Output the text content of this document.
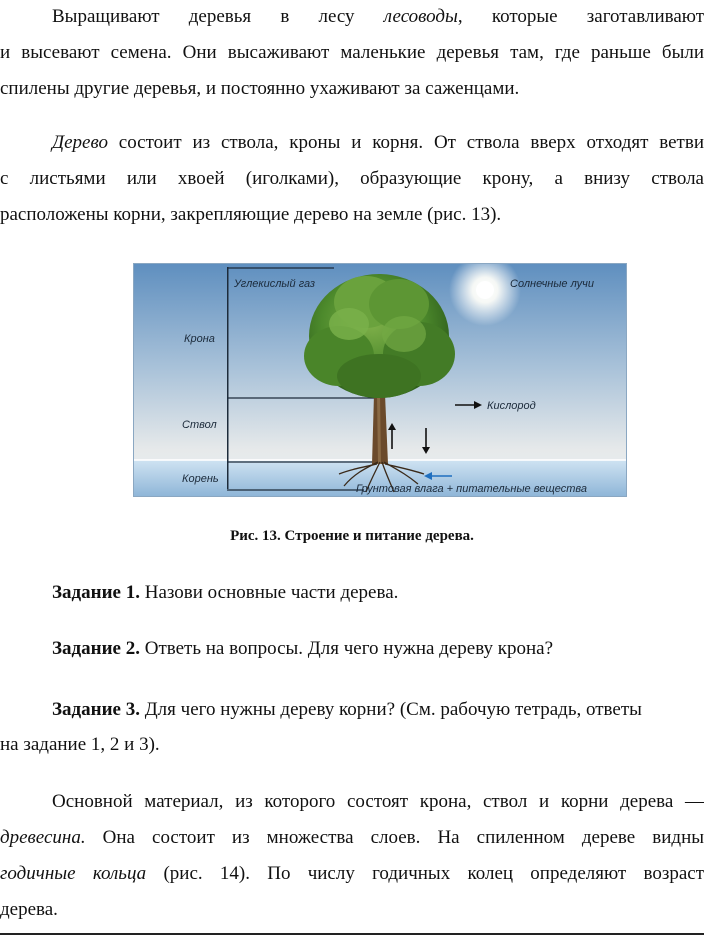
Выращивают деревья в лесу лесоводы, которые заготавливают
и высевают семена. Они высаживают маленькие деревья там, где раньше были
спилены другие деревья, и постоянно ухаживают за саженцами.
Дерево состоит из ствола, кроны и корня. От ствола вверх отходят ветви
с листьями или хвоей (иголками), образующие крону, а внизу ствола
расположены корни, закрепляющие дерево на земле (рис. 13).
Углекислый газ	Солнечные лучи
Крона
Ствол
Корень
Кислород
Грунтовая влага + питательные вещества
Рис. 13. Строение и питание дерева.
Задание 1. Назови основные части дерева.
Задание 2. Ответь на вопросы. Для чего нужна дереву крона?
Задание 3. Для чего нужны дереву корни? (См. рабочую тетрадь, ответы
на задание 1, 2 и 3).
Основной материал, из которого состоят крона, ствол и корни дерева —
древесина. Она состоит из множества слоев. На спиленном дереве видны
годичные кольца (рис. 14). По числу годичных колец определяют возраст
дерева.
